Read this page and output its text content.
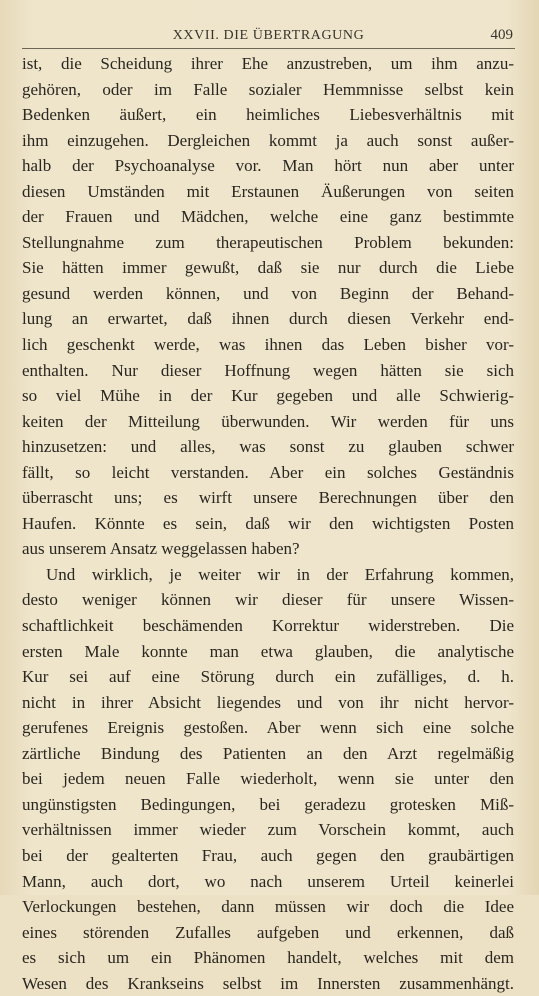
XXVII. DIE ÜBERTRAGUNG	409
ist, die Scheidung ihrer Ehe anzustreben, um ihm anzu-
gehören, oder im Falle sozialer Hemmnisse selbst kein
Bedenken äußert, ein heimliches Liebesverhältnis mit
ihm einzugehen. Dergleichen kommt ja auch sonst außer-
halb der Psychoanalyse vor. Man hört nun aber unter
diesen Umständen mit Erstaunen Äußerungen von seiten
der Frauen und Mädchen, welche eine ganz bestimmte
Stellungnahme zum therapeutischen Problem bekunden:
Sie hätten immer gewußt, daß sie nur durch die Liebe
gesund werden können, und von Beginn der Behand-
lung an erwartet, daß ihnen durch diesen Verkehr end-
lich geschenkt werde, was ihnen das Leben bisher vor-
enthalten. Nur dieser Hoffnung wegen hätten sie sich
so viel Mühe in der Kur gegeben und alle Schwierig-
keiten der Mitteilung überwunden. Wir werden für uns
hinzusetzen: und alles, was sonst zu glauben schwer
fällt, so leicht verstanden. Aber ein solches Geständnis
überrascht uns; es wirft unsere Berechnungen über den
Haufen. Könnte es sein, daß wir den wichtigsten Posten
aus unserem Ansatz weggelassen haben?
Und wirklich, je weiter wir in der Erfahrung kommen,
desto weniger können wir dieser für unsere Wissen-
schaftlichkeit beschämenden Korrektur widerstreben. Die
ersten Male konnte man etwa glauben, die analytische
Kur sei auf eine Störung durch ein zufälliges, d. h.
nicht in ihrer Absicht liegendes und von ihr nicht hervor-
gerufenes Ereignis gestoßen. Aber wenn sich eine solche
zärtliche Bindung des Patienten an den Arzt regelmäßig
bei jedem neuen Falle wiederholt, wenn sie unter den
ungünstigsten Bedingungen, bei geradezu grotesken Miß-
verhältnissen immer wieder zum Vorschein kommt, auch
bei der gealterten Frau, auch gegen den graubärtigen
Mann, auch dort, wo nach unserem Urteil keinerlei
Verlockungen bestehen, dann müssen wir doch die Idee
eines störenden Zufalles aufgeben und erkennen, daß
es sich um ein Phänomen handelt, welches mit dem
Wesen des Krankseins selbst im Innersten zusammenhängt.
